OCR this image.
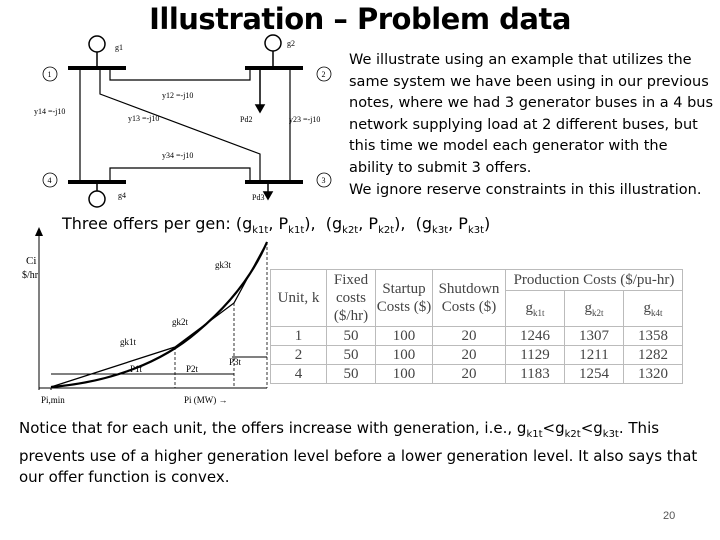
Illustration – Problem data
g1	g2
g4
1	2
3
4
y12 =-j10
y13 =-j10
y14 =-j10
y23 =-j10
y34 =-j10
Pd2
Pd3

We illustrate using an example that utilizes the same system we have been using in our previous notes, where we had 3 generator buses in a 4 bus network supplying load at 2 different buses, but this time we model each generator with the ability to submit 3 offers.

We ignore reserve constraints in this illustration.

Three offers per gen: ($g_{k1t}$, $P_{k1t}$),  ($g_{k2t}$, $P_{k2t}$),  ($g_{k3t}$, $P_{k3t}$)
Ci
$/hr
gk1t
gk2t
gk3t
P1t	P2t
P3t
Pi,min	Pi (MW) →
Unit, k	Fixed costs ($/hr)	Startup Costs ($)	Shutdown Costs ($)	Production Costs ($/pu-hr)		
				$g_{k1t}$	$g_{k2t}$	$g_{k4t}$
1	50	100	20	1246	1307	1358
2	50	100	20	1129	1211	1282
4	50	100	20	1183	1254	1320

Notice that for each unit, the offers increase with generation, i.e., $g_{k1t}<g_{k2t}<g_{k3t}$. This prevents use of a higher generation level before a lower generation level. It also says that our offer function is convex.

20
